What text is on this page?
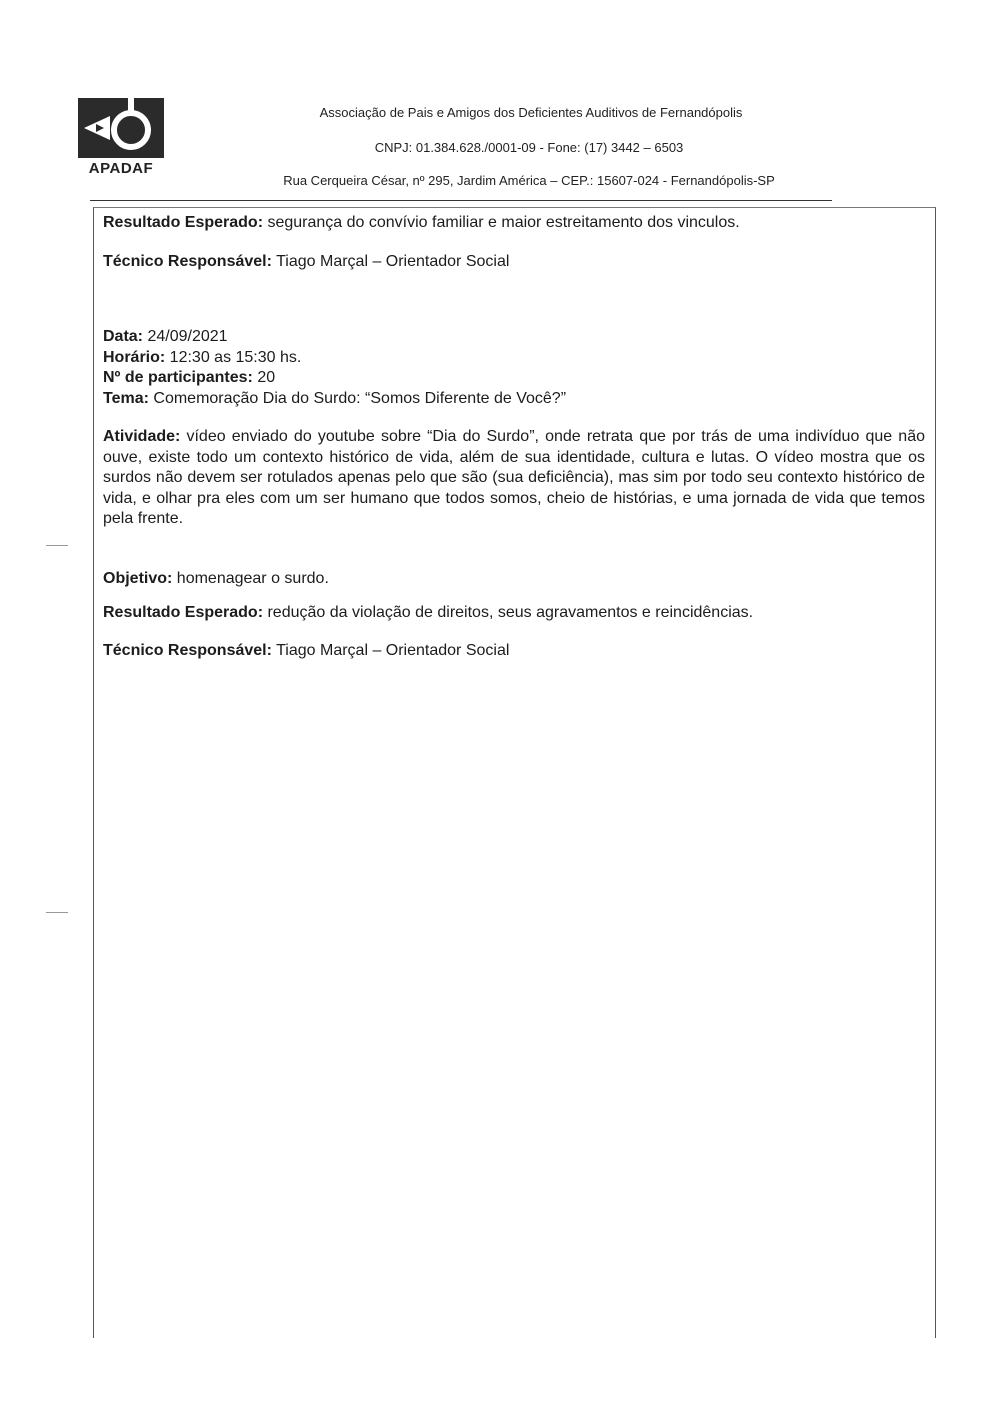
APADAF
Associação de Pais e Amigos dos Deficientes Auditivos de Fernandópolis
CNPJ: 01.384.628./0001-09 - Fone: (17) 3442 – 6503
Rua Cerqueira César, nº 295, Jardim América – CEP.: 15607-024 - Fernandópolis-SP
Resultado Esperado: segurança do convívio familiar e maior estreitamento dos vinculos.
Técnico Responsável: Tiago Marçal – Orientador Social
Data: 24/09/2021
Horário: 12:30 as 15:30 hs.
Nº de participantes: 20
Tema: Comemoração Dia do Surdo: “Somos Diferente de Você?”
Atividade: vídeo enviado do youtube sobre “Dia do Surdo”, onde retrata que por trás de uma indivíduo que não ouve, existe todo um contexto histórico de vida, além de sua identidade, cultura e lutas. O vídeo mostra que os surdos não devem ser rotulados apenas pelo que são (sua deficiência), mas sim por todo seu contexto histórico de vida, e olhar pra eles com um ser humano que todos somos, cheio de histórias, e uma jornada de vida que temos pela frente.
Objetivo: homenagear o surdo.
Resultado Esperado: redução da violação de direitos, seus agravamentos e reincidências.
Técnico Responsável: Tiago Marçal – Orientador Social
